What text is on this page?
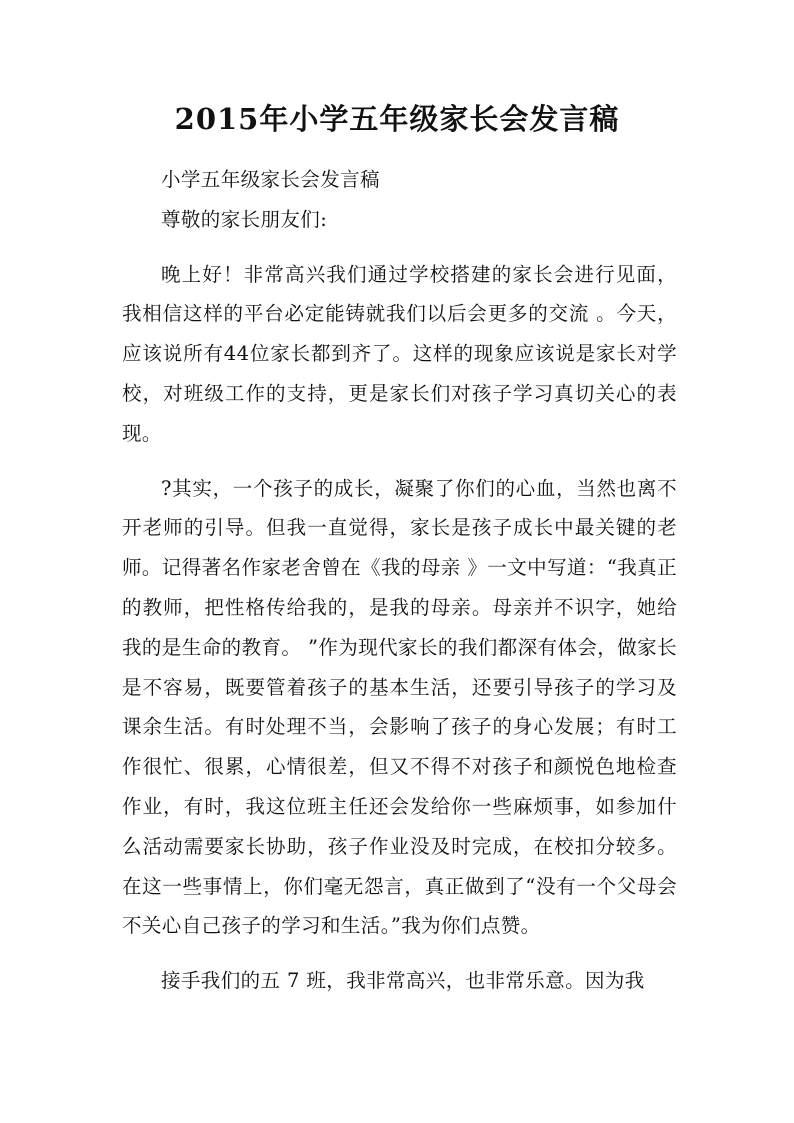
2015年小学五年级家长会发言稿

小学五年级家长会发言稿

尊敬的家长朋友们:

晚上好！非常高兴我们通过学校搭建的家长会进行见面，我相信这样的平台必定能铸就我们以后会更多的交流 。今天，应该说所有44位家长都到齐了。这样的现象应该说是家长对学校，对班级工作的支持，更是家长们对孩子学习真切关心的表现。

?其实，一个孩子的成长，凝聚了你们的心血，当然也离不开老师的引导。但我一直觉得，家长是孩子成长中最关键的老师。记得著名作家老舍曾在《我的母亲 》一文中写道：“我真正的教师，把性格传给我的，是我的母亲。母亲并不识字，她给我的是生命的教育。 ”作为现代家长的我们都深有体会，做家长是不容易，既要管着孩子的基本生活，还要引导孩子的学习及课余生活。有时处理不当，会影响了孩子的身心发展；有时工作很忙、很累，心情很差，但又不得不对孩子和颜悦色地检查作业，有时，我这位班主任还会发给你一些麻烦事，如参加什么活动需要家长协助，孩子作业没及时完成，在校扣分较多。在这一些事情上，你们毫无怨言，真正做到了“没有一个父母会不关心自己孩子的学习和生活。”我为你们点赞。

接手我们的五 7 班，我非常高兴，也非常乐意。因为我
